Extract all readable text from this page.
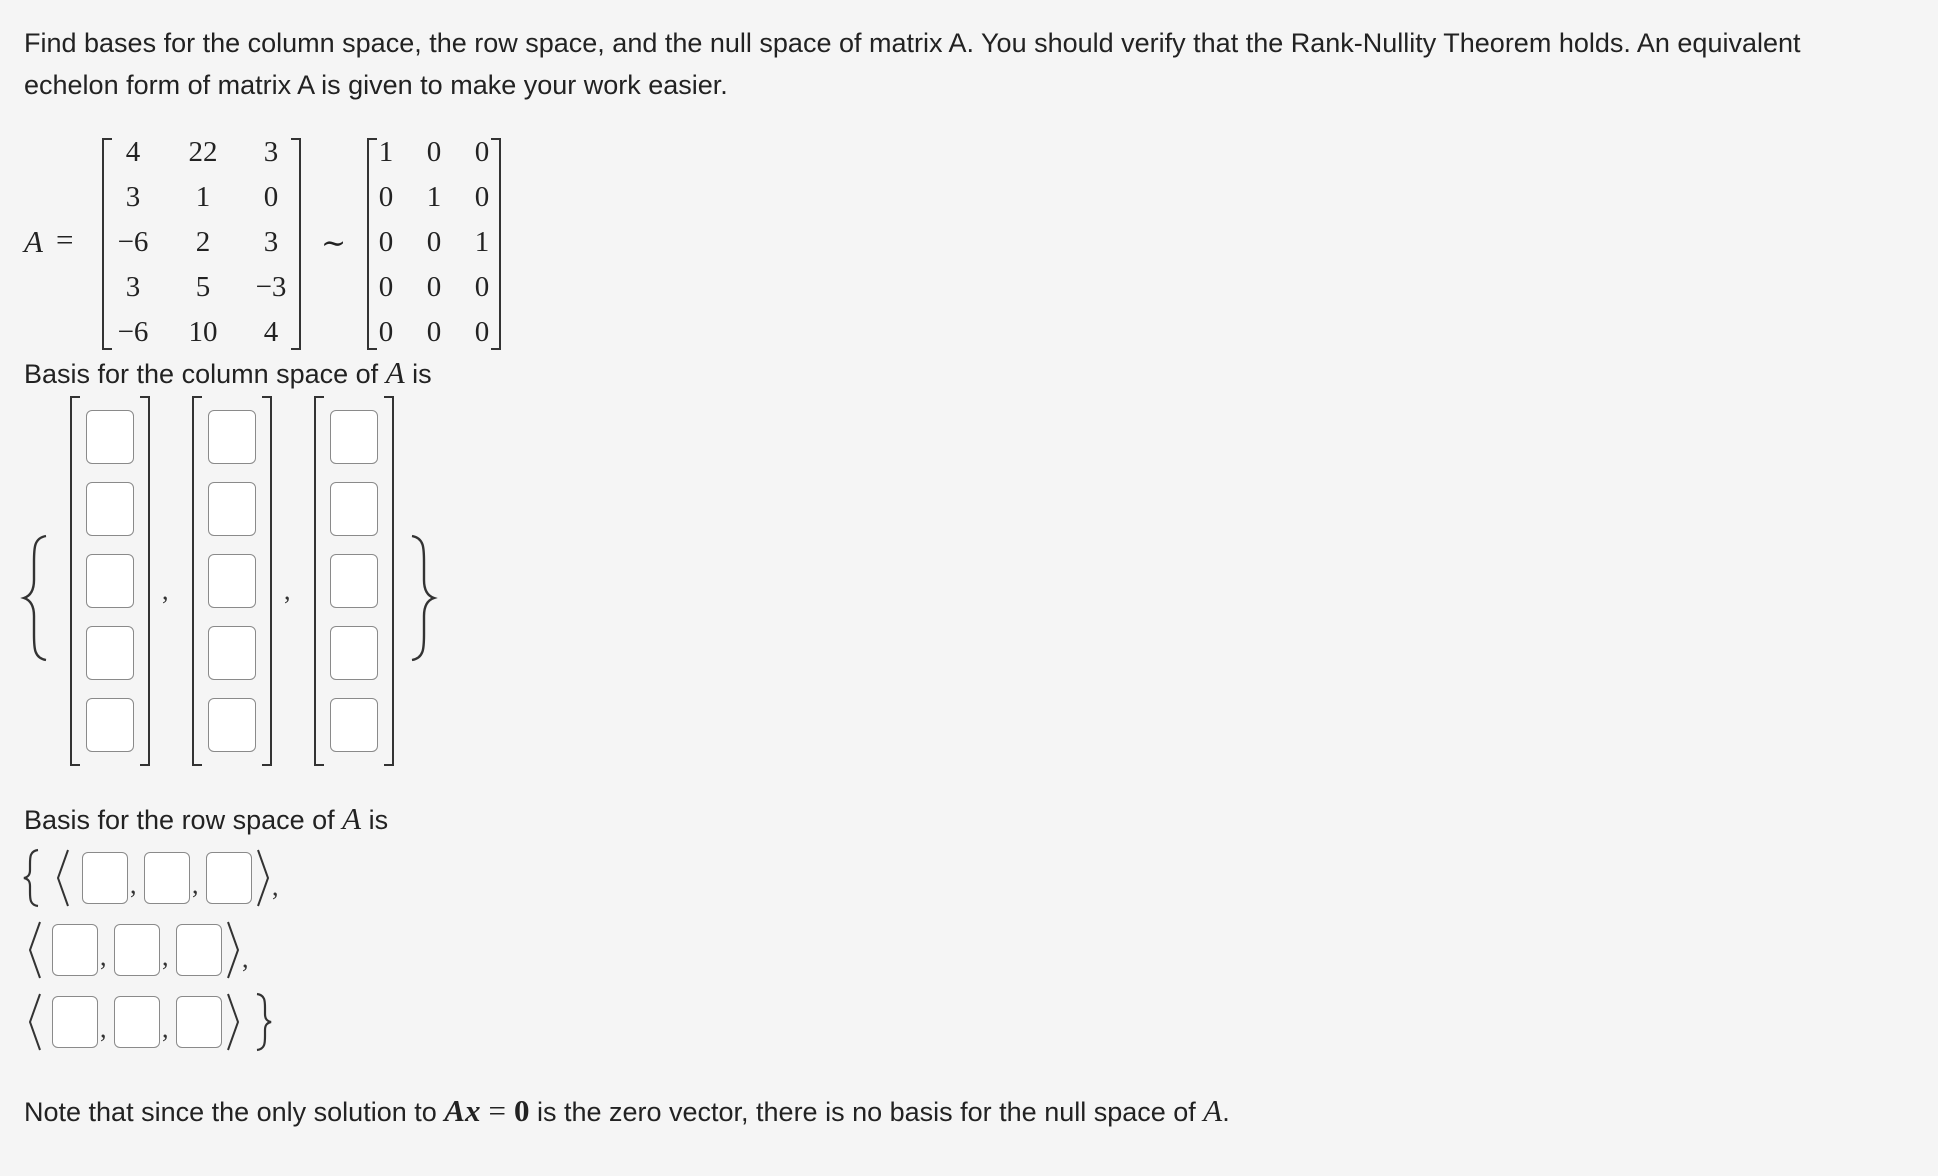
Find bases for the column space, the row space, and the null space of matrix A. You should verify that the Rank-Nullity Theorem holds. An equivalent
echelon form of matrix A is given to make your work easier.
A =
4	22	3
3	1	0
−6	2	3
3	5	−3
−6	10	4
∼
1	0	0
0	1	0
0	0	1
0	0	0
0	0	0
Basis for the column space of A is
,	,
Basis for the row space of A is
, ,	,
, ,	,
, ,
Note that since the only solution to Ax = 0 is the zero vector, there is no basis for the null space of A.
